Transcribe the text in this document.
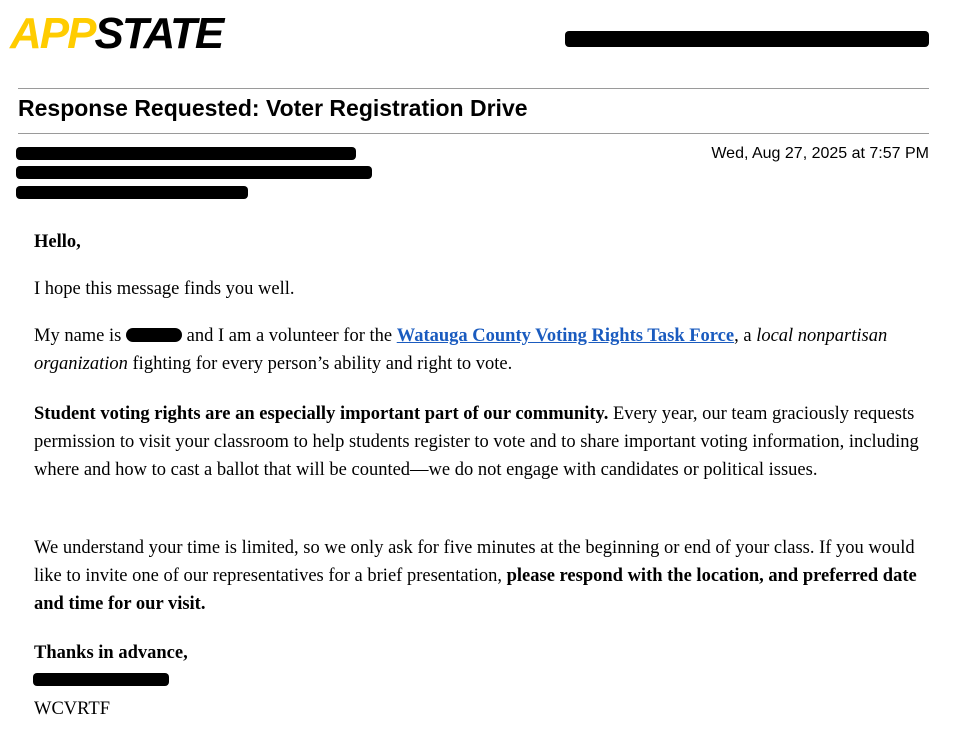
APPSTATE
Response Requested: Voter Registration Drive
Wed, Aug 27, 2025 at 7:57 PM

Hello,

I hope this message finds you well.

My name is	and I am a volunteer for the Watauga County Voting Rights Task Force, a local nonpartisan organization fighting for every person’s ability and right to vote.

Student voting rights are an especially important part of our community. Every year, our team graciously requests permission to visit your classroom to help students register to vote and to share important voting information, including where and how to cast a ballot that will be counted—we do not engage with candidates or political issues.

We understand your time is limited, so we only ask for five minutes at the beginning or end of your class. If you would like to invite one of our representatives for a brief presentation, please respond with the location, and preferred date and time for our visit.

Thanks in advance,

WCVRTF
